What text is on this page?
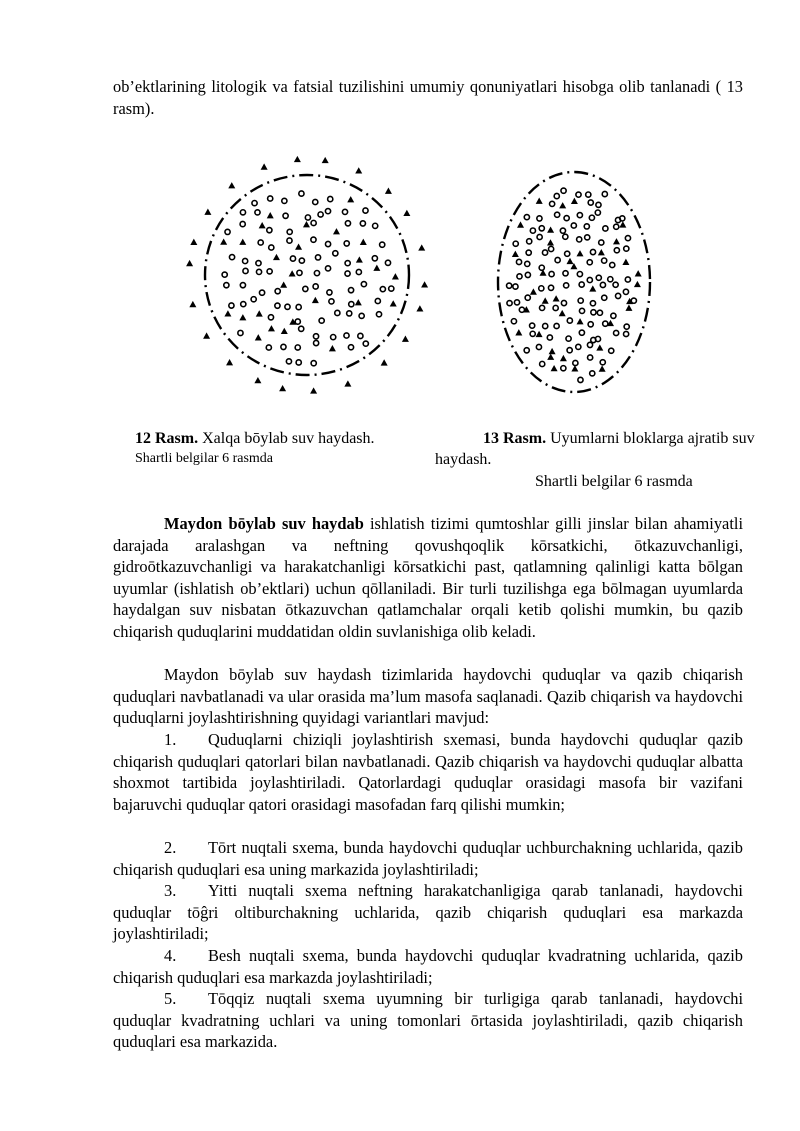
ob’ektlarining litologik va fatsial tuzilishini umumiy qonuniyatlari hisobga olib tanlanadi ( 13 rasm).

12 Rasm. Xalqa bōylab suv haydash.
Shartli belgilar 6 rasmda
13 Rasm. Uyumlarni bloklarga ajratib suv haydash.
Shartli belgilar 6 rasmda

Maydon bōylab suv haydab ishlatish tizimi qumtoshlar gilli jinslar bilan ahamiyatli darajada aralashgan va neftning qovushqoqlik kōrsatkichi, ōtkazuvchanligi, gidroōtkazuvchanligi va harakatchanligi kōrsatkichi past, qatlamning qalinligi katta bōlgan uyumlar (ishlatish ob’ektlari) uchun qōllaniladi. Bir turli tuzilishga ega bōlmagan uyumlarda haydalgan suv nisbatan ōtkazuvchan qatlamchalar orqali ketib qolishi mumkin, bu qazib chiqarish quduqlarini muddatidan oldin suvlanishiga olib keladi.

Maydon bōylab suv haydash tizimlarida haydovchi quduqlar va qazib chiqarish quduqlari navbatlanadi va ular orasida ma’lum masofa saqlanadi. Qazib chiqarish va haydovchi quduqlarni joylashtirishning quyidagi variantlari mavjud:

1. Quduqlarni chiziqli joylashtirish sxemasi, bunda haydovchi quduqlar qazib chiqarish quduqlari qatorlari bilan navbatlanadi. Qazib chiqarish va haydovchi quduqlar albatta shoxmot tartibida joylashtiriladi. Qatorlardagi quduqlar orasidagi masofa bir vazifani bajaruvchi quduqlar qatori orasidagi masofadan farq qilishi mumkin;

2. Tōrt nuqtali sxema, bunda haydovchi quduqlar uchburchakning uchlarida, qazib chiqarish quduqlari esa uning markazida joylashtiriladi;

3. Yitti nuqtali sxema neftning harakatchanligiga qarab tanlanadi, haydovchi quduqlar tōĝri oltiburchakning uchlarida, qazib chiqarish quduqlari esa markazda joylashtiriladi;

4. Besh nuqtali sxema, bunda haydovchi quduqlar kvadratning uchlarida, qazib chiqarish quduqlari esa markazda joylashtiriladi;

5. Tōqqiz nuqtali sxema uyumning bir turligiga qarab tanlanadi, haydovchi quduqlar kvadratning uchlari va uning tomonlari ōrtasida joylashtiriladi, qazib chiqarish quduqlari esa markazida.
